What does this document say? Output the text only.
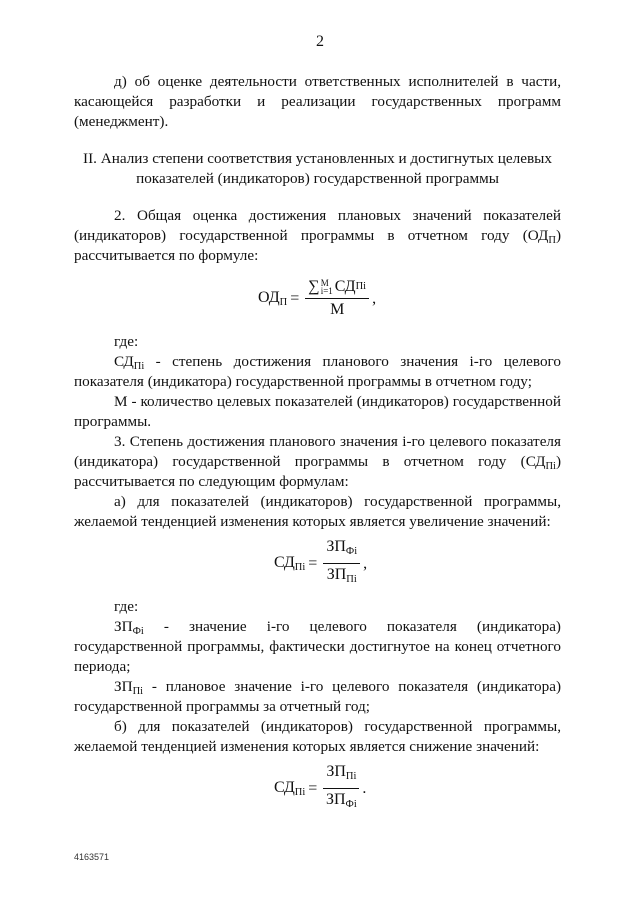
2
д) об оценке деятельности ответственных исполнителей в части,
касающейся разработки и реализации государственных программ
(менеджмент).
II. Анализ степени соответствия установленных и достигнутых целевых
показателей (индикаторов) государственной программы
2. Общая оценка достижения плановых значений показателей
(индикаторов) государственной программы в отчетном году $(ОД_П)$
рассчитывается по формуле:
$ОД_П$ = ∑ M
i=1 СД Пi
M ,
где:
$СД_{Пi}$ - степень достижения планового значения i-го целевого
показателя (индикатора) государственной программы в отчетном году;
M - количество целевых показателей (индикаторов) государственной
программы.
3. Степень достижения планового значения i-го целевого показателя
(индикатора) государственной программы в отчетном году $(СД_{Пi})$
рассчитывается по следующим формулам:
а) для показателей (индикаторов) государственной программы,
желаемой тенденцией изменения которых является увеличение значений:
$СД_{Пi} = \frac{ЗП_{Фi}}{ЗП_{Пi}}$ ,
где:
$ЗП_{Фi}$ - значение i-го целевого показателя (индикатора)
государственной программы, фактически достигнутое на конец отчетного
периода;
$ЗП_{Пi}$ - плановое значение i-го целевого показателя (индикатора)
государственной программы за отчетный год;
б) для показателей (индикаторов) государственной программы,
желаемой тенденцией изменения которых является снижение значений:
$СД_{Пi} = \frac{ЗП_{Пi}}{ЗП_{Фi}}$ .
4163571
